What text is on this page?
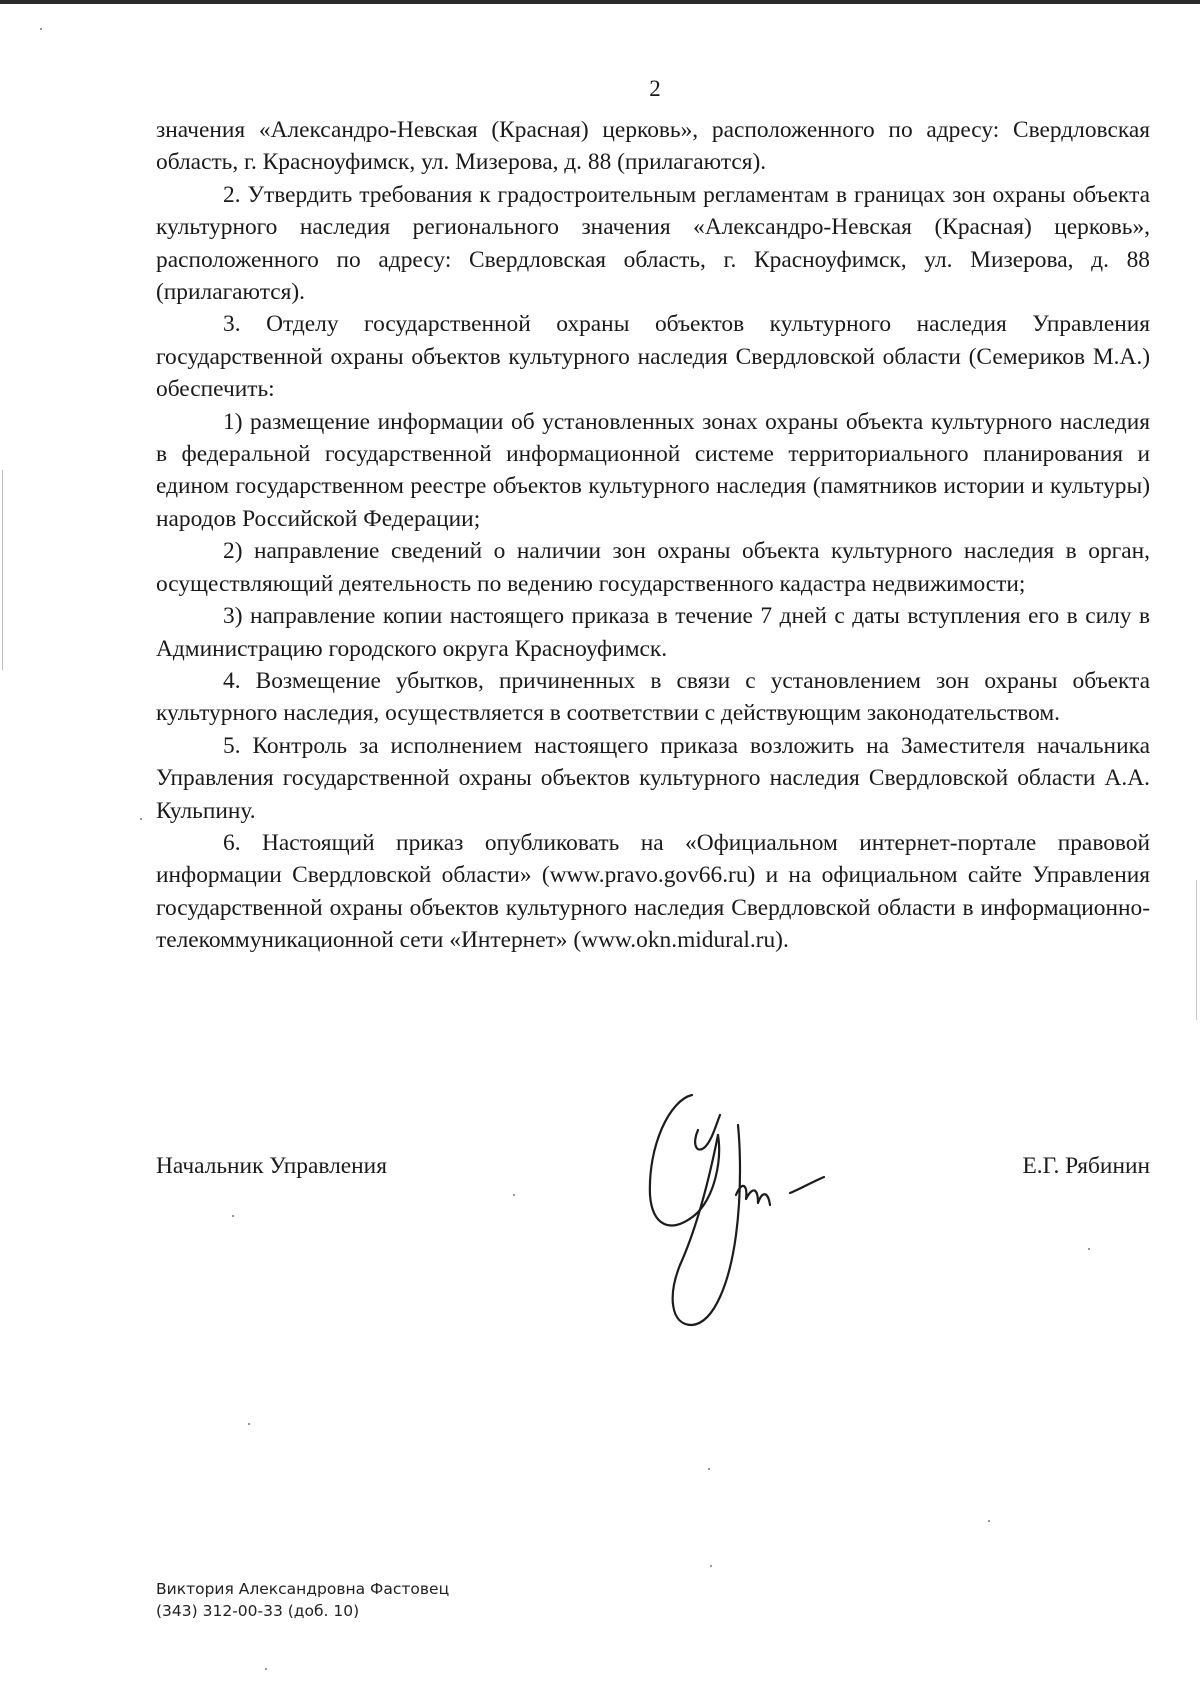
2

значения «Александро-Невская (Красная) церковь», расположенного по адресу: Свердловская область, г. Красноуфимск, ул. Мизерова, д. 88 (прилагаются).

2. Утвердить требования к градостроительным регламентам в границах зон охраны объекта культурного наследия регионального значения «Александро-Невская (Красная) церковь», расположенного по адресу: Свердловская область, г. Красноуфимск, ул. Мизерова, д. 88 (прилагаются).

3. Отделу государственной охраны объектов культурного наследия Управления государственной охраны объектов культурного наследия Свердловской области (Семериков М.А.) обеспечить:

1) размещение информации об установленных зонах охраны объекта культурного наследия в федеральной государственной информационной системе территориального планирования и едином государственном реестре объектов культурного наследия (памятников истории и культуры) народов Российской Федерации;

2) направление сведений о наличии зон охраны объекта культурного наследия в орган, осуществляющий деятельность по ведению государственного кадастра недвижимости;

3) направление копии настоящего приказа в течение 7 дней с даты вступления его в силу в Администрацию городского округа Красноуфимск.

4. Возмещение убытков, причиненных в связи с установлением зон охраны объекта культурного наследия, осуществляется в соответствии с действующим законодательством.

5. Контроль за исполнением настоящего приказа возложить на Заместителя начальника Управления государственной охраны объектов культурного наследия Свердловской области А.А. Кульпину.

6. Настоящий приказ опубликовать на «Официальном интернет-портале правовой информации Свердловской области» (www.pravo.gov66.ru) и на официальном сайте Управления государственной охраны объектов культурного наследия Свердловской области в информационно-телекоммуникационной сети «Интернет» (www.okn.midural.ru).

Начальник Управления	Е.Г. Рябинин
Виктория Александровна Фастовец
(343) 312-00-33 (доб. 10)
